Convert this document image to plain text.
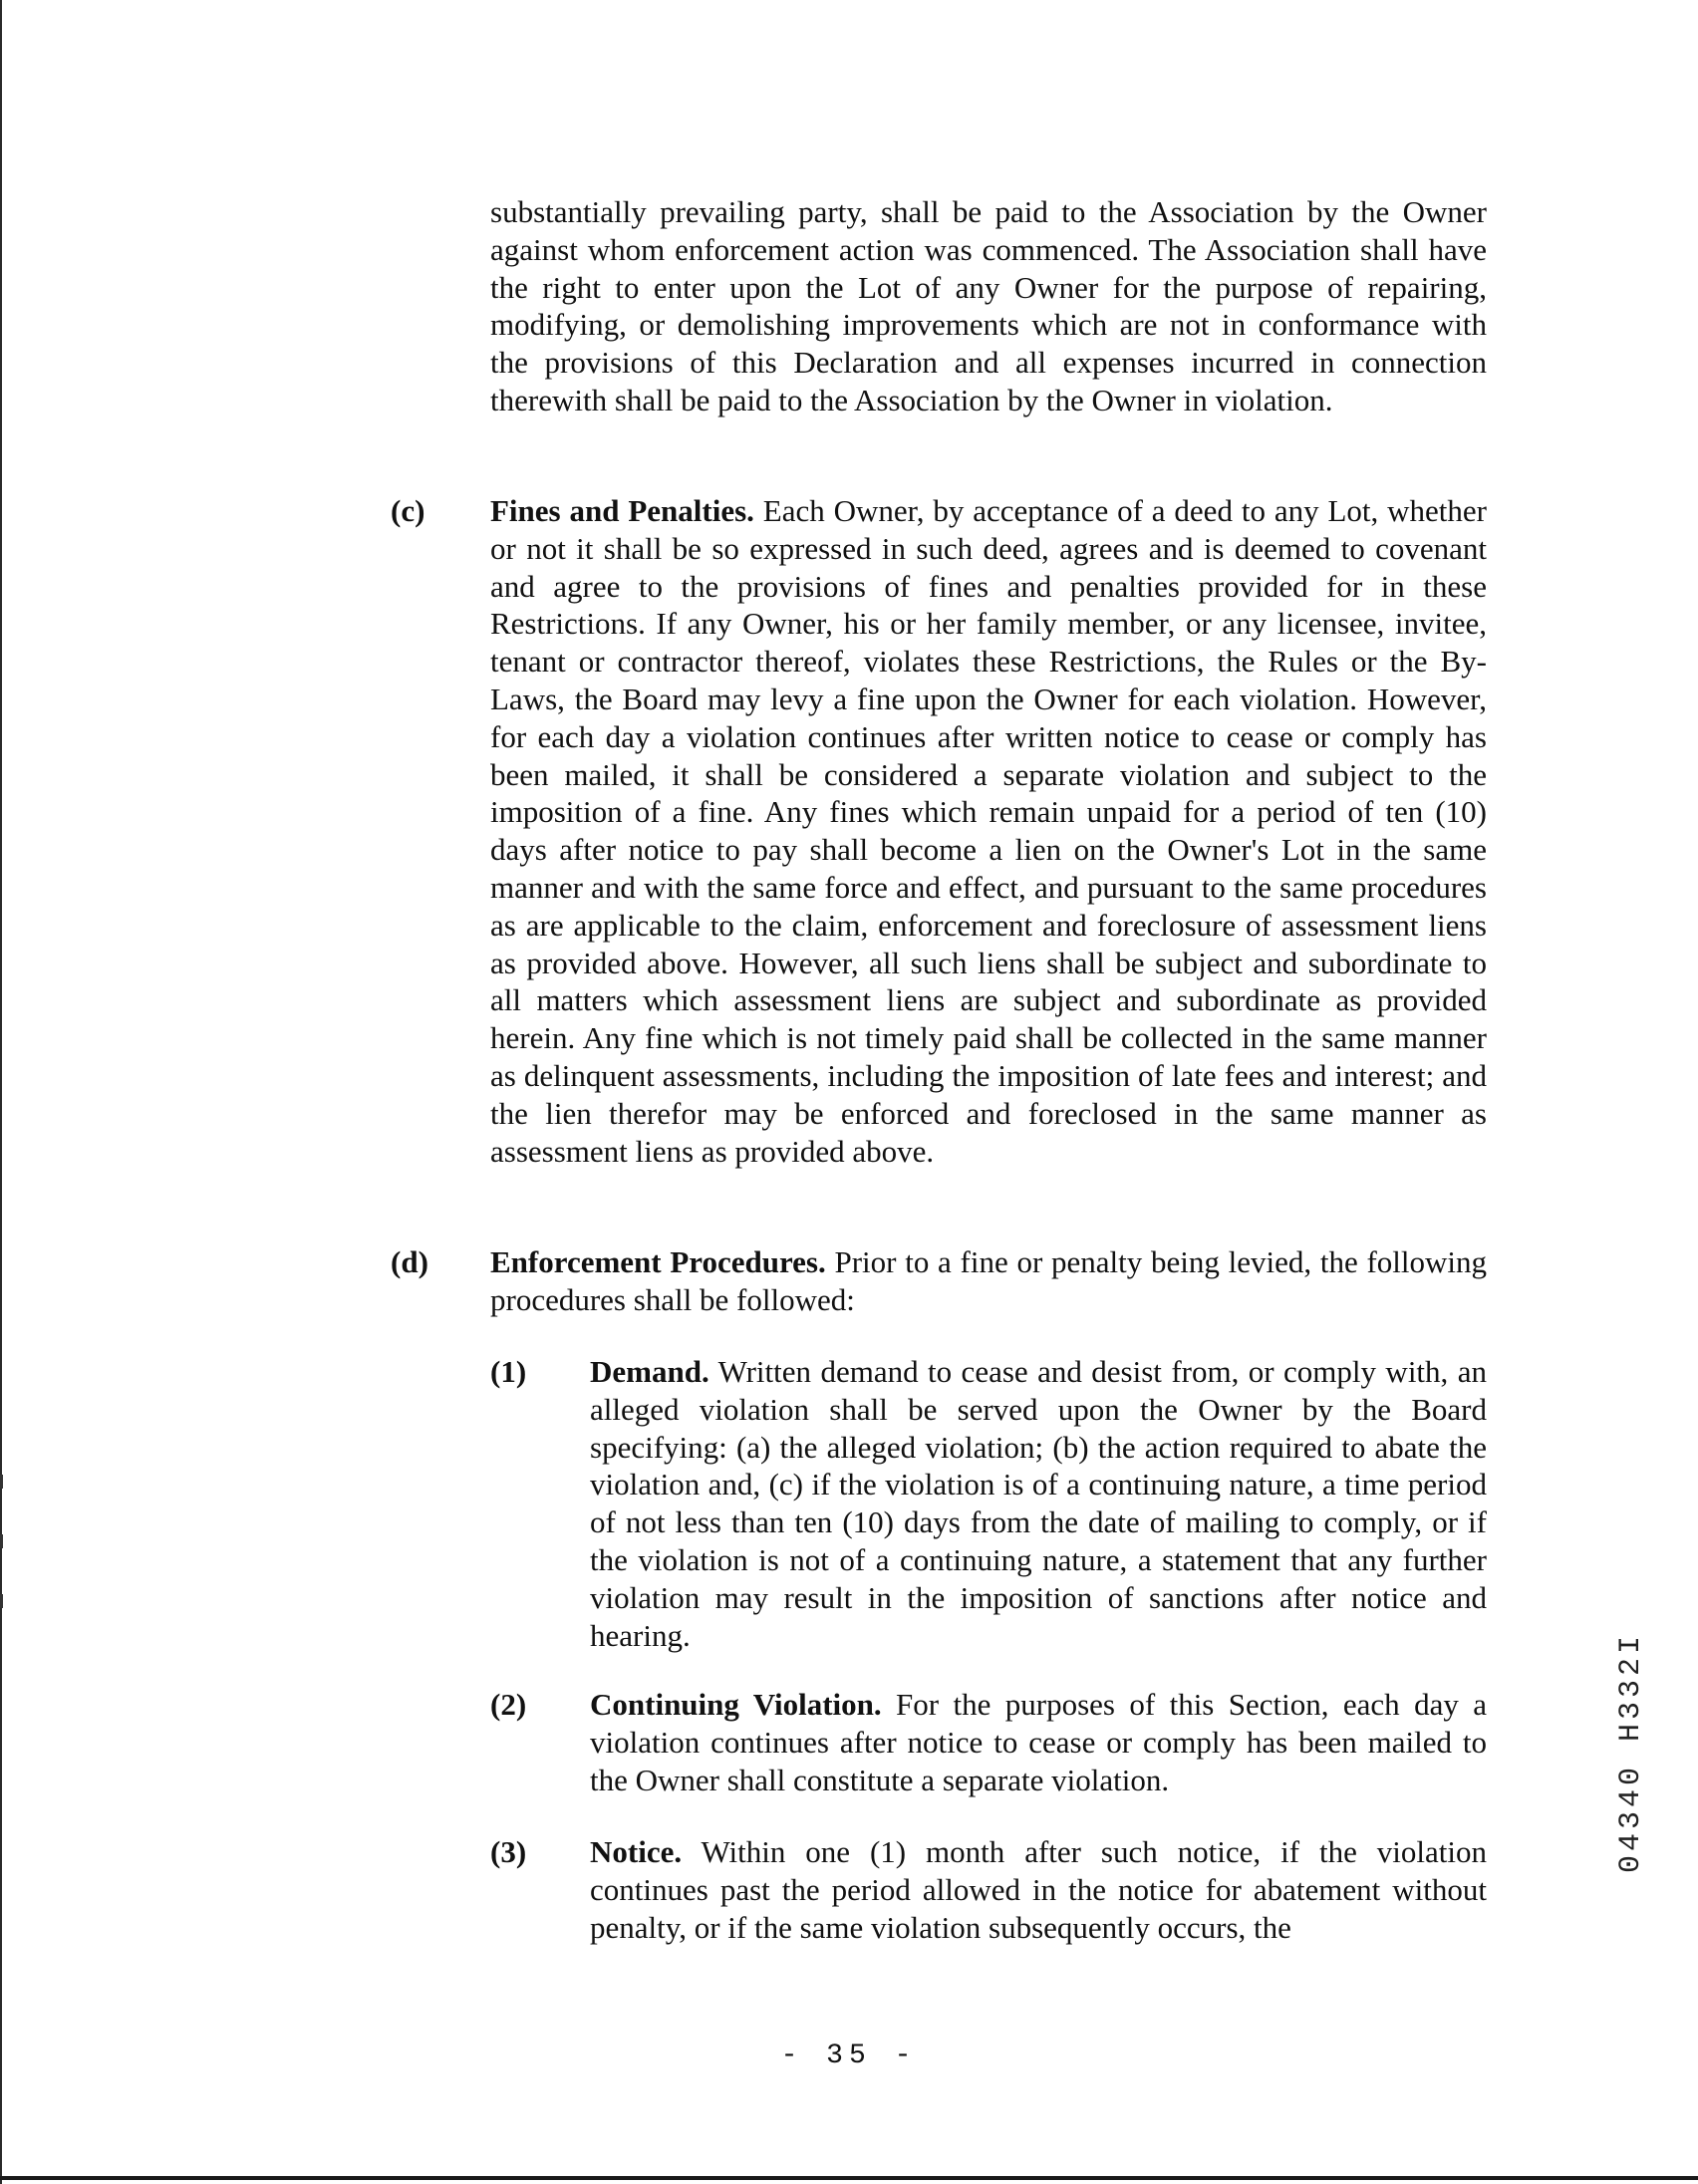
substantially prevailing party, shall be paid to the Association by the Owner against whom enforcement action was commenced. The Association shall have the right to enter upon the Lot of any Owner for the purpose of repairing, modifying, or demolishing improvements which are not in conformance with the provisions of this Declaration and all expenses incurred in connection therewith shall be paid to the Association by the Owner in violation.

(c) Fines and Penalties. Each Owner, by acceptance of a deed to any Lot, whether or not it shall be so expressed in such deed, agrees and is deemed to covenant and agree to the provisions of fines and penalties provided for in these Restrictions. If any Owner, his or her family member, or any licensee, invitee, tenant or contractor thereof, violates these Restrictions, the Rules or the By-Laws, the Board may levy a fine upon the Owner for each violation. However, for each day a violation continues after written notice to cease or comply has been mailed, it shall be considered a separate violation and subject to the imposition of a fine. Any fines which remain unpaid for a period of ten (10) days after notice to pay shall become a lien on the Owner's Lot in the same manner and with the same force and effect, and pursuant to the same procedures as are applicable to the claim, enforcement and foreclosure of assessment liens as provided above. However, all such liens shall be subject and subordinate to all matters which assessment liens are subject and subordinate as provided herein. Any fine which is not timely paid shall be collected in the same manner as delinquent assessments, including the imposition of late fees and interest; and the lien therefor may be enforced and foreclosed in the same manner as assessment liens as provided above.

(d) Enforcement Procedures. Prior to a fine or penalty being levied, the following procedures shall be followed:

(1) Demand. Written demand to cease and desist from, or comply with, an alleged violation shall be served upon the Owner by the Board specifying: (a) the alleged violation; (b) the action required to abate the violation and, (c) if the violation is of a continuing nature, a time period of not less than ten (10) days from the date of mailing to comply, or if the violation is not of a continuing nature, a statement that any further violation may result in the imposition of sanctions after notice and hearing.

(2) Continuing Violation. For the purposes of this Section, each day a violation continues after notice to cease or comply has been mailed to the Owner shall constitute a separate violation.

(3) Notice. Within one (1) month after such notice, if the violation continues past the period allowed in the notice for abatement without penalty, or if the same violation subsequently occurs, the

- 35 -
04340 H332I
